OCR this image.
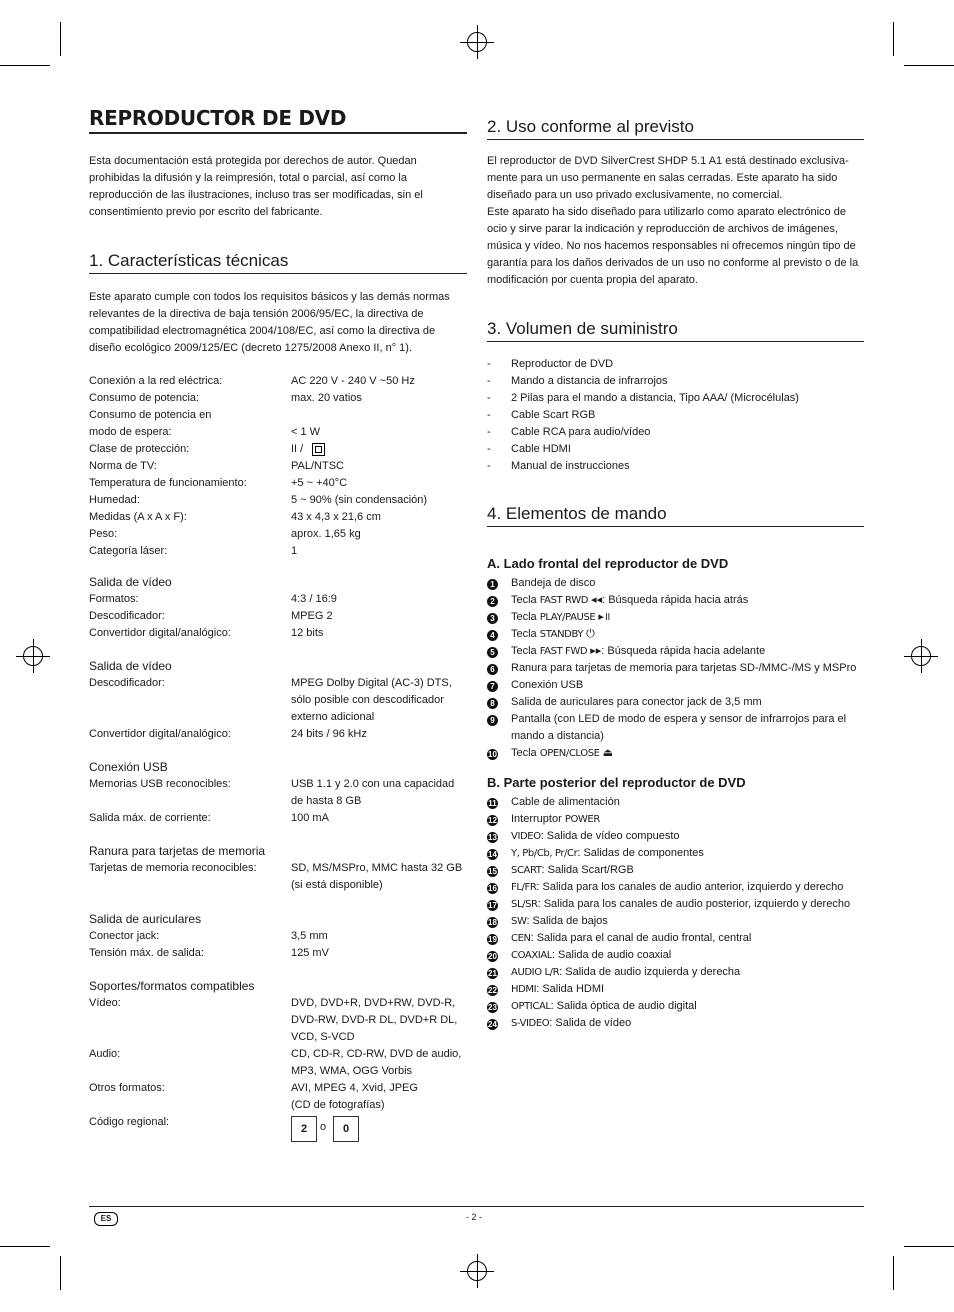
REPRODUCTOR DE DVD
Esta documentación está protegida por derechos de autor. Quedan prohibidas la difusión y la reimpresión, total o parcial, así como la reproducción de las ilustraciones, incluso tras ser modificadas, sin el consentimiento previo por escrito del fabricante.
1. Características técnicas
Este aparato cumple con todos los requisitos básicos y las demás normas relevantes de la directiva de baja tensión 2006/95/EC, la directiva de compatibilidad electromagnética 2004/108/EC, así como la directiva de diseño ecológico 2009/125/EC (decreto 1275/2008 Anexo II, n° 1).
Conexión a la red eléctrica:	AC 220 V - 240 V ~50 Hz
Consumo de potencia:	max. 20 vatios
Consumo de potencia en
modo de espera:	< 1 W
Clase de protección:	II /
Norma de TV:	PAL/NTSC
Temperatura de funcionamiento:	+5 ~ +40°C
Humedad:	5 ~ 90% (sin condensación)
Medidas (A x A x F):	43 x 4,3 x 21,6 cm
Peso:	aprox. 1,65 kg
Categoría láser:	1
Salida de vídeo
Formatos:	4:3 / 16:9
Descodificador:	MPEG 2
Convertidor digital/analógico:	12 bits
Salida de vídeo
Descodificador:	MPEG Dolby Digital (AC-3) DTS,
sólo posible con descodificador
externo adicional
Convertidor digital/analógico:	24 bits / 96 kHz
Conexión USB
Memorias USB reconocibles:	USB 1.1 y 2.0 con una capacidad
de hasta 8 GB
Salida máx. de corriente:	100 mA
Ranura para tarjetas de memoria
Tarjetas de memoria reconocibles:	SD, MS/MSPro, MMC hasta 32 GB
(si está disponible)
Salida de auriculares
Conector jack:	3,5 mm
Tensión máx. de salida:	125 mV
Soportes/formatos compatibles
Vídeo:	DVD, DVD+R, DVD+RW, DVD-R,
DVD-RW, DVD-R DL, DVD+R DL,
VCD, S-VCD
Audio:	CD, CD-R, CD-RW, DVD de audio,
MP3, WMA, OGG Vorbis
Otros formatos:	AVI, MPEG 4, Xvid, JPEG
(CD de fotografías)
Código regional:
2	o	0
2. Uso conforme al previsto
El reproductor de DVD SilverCrest SHDP 5.1 A1 está destinado exclusiva-
mente para un uso permanente en salas cerradas. Este aparato ha sido
diseñado para un uso privado exclusivamente, no comercial.
Este aparato ha sido diseñado para utilizarlo como aparato electrónico de
ocio y sirve parar la indicación y reproducción de archivos de imágenes,
música y vídeo. No nos hacemos responsables ni ofrecemos ningún tipo de
garantía para los daños derivados de un uso no conforme al previsto o de la
modificación por cuenta propia del aparato.
3. Volumen de suministro
- Reproductor de DVD
- Mando a distancia de infrarrojos
- 2 Pilas para el mando a distancia, Tipo AAA/ (Microcélulas)
- Cable Scart RGB
- Cable RCA para audio/vídeo
- Cable HDMI
- Manual de instrucciones
4. Elementos de mando
A. Lado frontal del reproductor de DVD
1 Bandeja de disco
2 Tecla FAST RWD ◂◂: Búsqueda rápida hacia atrás
3 Tecla PLAY/PAUSE ▸॥
4 Tecla STANDBY ⏻
5 Tecla FAST FWD ▸▸: Búsqueda rápida hacia adelante
6 Ranura para tarjetas de memoria para tarjetas SD-/MMC-/MS y MSPro
7 Conexión USB
8 Salida de auriculares para conector jack de 3,5 mm
9 Pantalla (con LED de modo de espera y sensor de infrarrojos para el
mando a distancia)
10 Tecla OPEN/CLOSE ⏏
B. Parte posterior del reproductor de DVD
11 Cable de alimentación
12 Interruptor POWER
13 VIDEO: Salida de vídeo compuesto
14 Y, Pb/Cb, Pr/Cr: Salidas de componentes
15 SCART: Salida Scart/RGB
16 FL/FR: Salida para los canales de audio anterior, izquierdo y derecho
17 SL/SR: Salida para los canales de audio posterior, izquierdo y derecho
18 SW: Salida de bajos
19 CEN: Salida para el canal de audio frontal, central
20 COAXIAL: Salida de audio coaxial
21 AUDIO L/R: Salida de audio izquierda y derecha
22 HDMI: Salida HDMI
23 OPTICAL: Salida óptica de audio digital
24 S-VIDEO: Salida de vídeo
ES	- 2 -
